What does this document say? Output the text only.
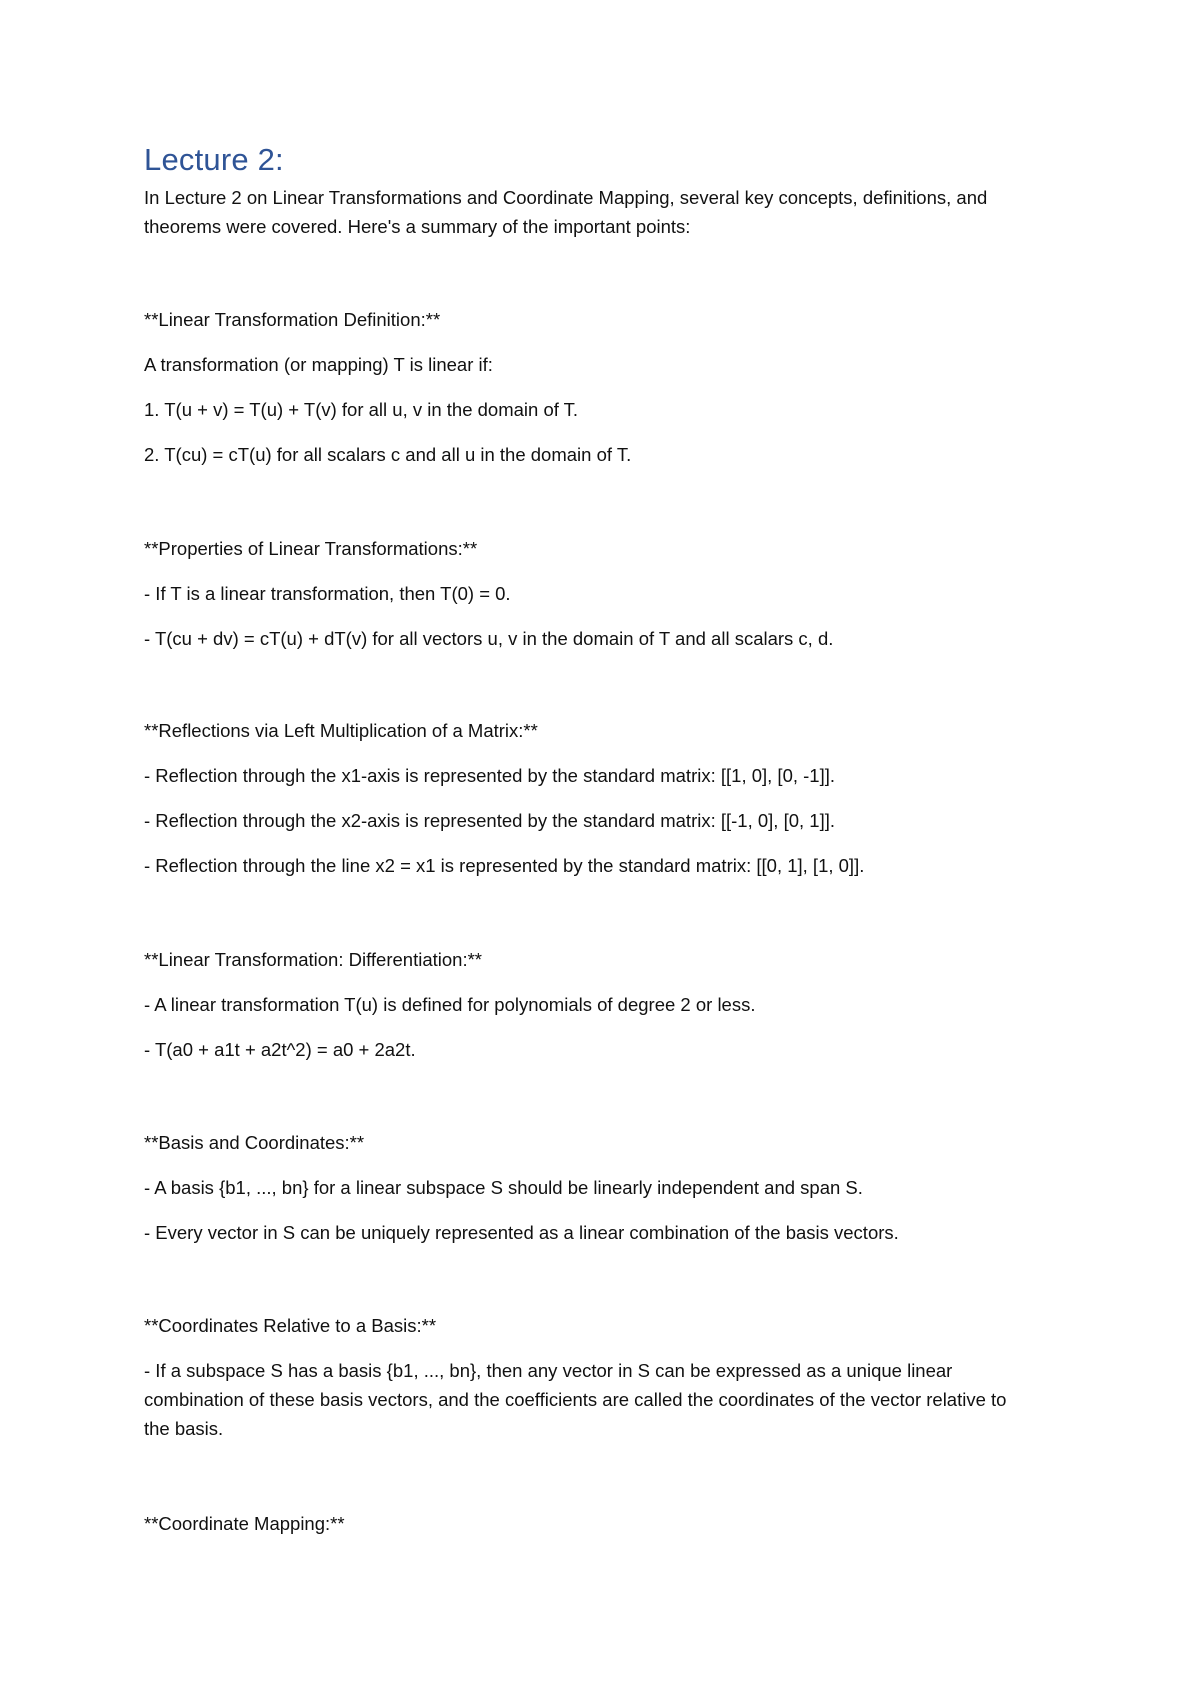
Lecture 2:
In Lecture 2 on Linear Transformations and Coordinate Mapping, several key concepts, definitions, and theorems were covered. Here's a summary of the important points:
**Linear Transformation Definition:**
A transformation (or mapping) T is linear if:
1. T(u + v) = T(u) + T(v) for all u, v in the domain of T.
2. T(cu) = cT(u) for all scalars c and all u in the domain of T.
**Properties of Linear Transformations:**
- If T is a linear transformation, then T(0) = 0.
- T(cu + dv) = cT(u) + dT(v) for all vectors u, v in the domain of T and all scalars c, d.
**Reflections via Left Multiplication of a Matrix:**
- Reflection through the x1-axis is represented by the standard matrix: [[1, 0], [0, -1]].
- Reflection through the x2-axis is represented by the standard matrix: [[-1, 0], [0, 1]].
- Reflection through the line x2 = x1 is represented by the standard matrix: [[0, 1], [1, 0]].
**Linear Transformation: Differentiation:**
- A linear transformation T(u) is defined for polynomials of degree 2 or less.
- T(a0 + a1t + a2t^2) = a0 + 2a2t.
**Basis and Coordinates:**
- A basis {b1, ..., bn} for a linear subspace S should be linearly independent and span S.
- Every vector in S can be uniquely represented as a linear combination of the basis vectors.
**Coordinates Relative to a Basis:**
- If a subspace S has a basis {b1, ..., bn}, then any vector in S can be expressed as a unique linear combination of these basis vectors, and the coefficients are called the coordinates of the vector relative to the basis.
**Coordinate Mapping:**
